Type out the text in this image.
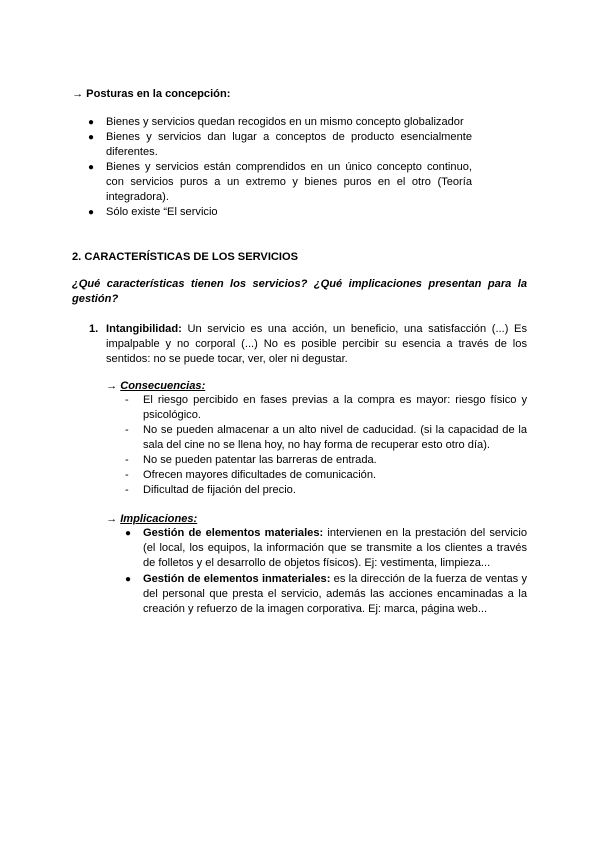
→ Posturas en la concepción:
● Bienes y servicios quedan recogidos en un mismo concepto globalizador
● Bienes y servicios dan lugar a conceptos de producto esencialmente diferentes.
● Bienes y servicios están comprendidos en un único concepto continuo, con servicios puros a un extremo y bienes puros en el otro (Teoría integradora).
● Sólo existe “El servicio
2. CARACTERÍSTICAS DE LOS SERVICIOS
¿Qué características tienen los servicios? ¿Qué implicaciones presentan para la gestión?
1. Intangibilidad: Un servicio es una acción, un beneficio, una satisfacción (...) Es impalpable y no corporal (...) No es posible percibir su esencia a través de los sentidos: no se puede tocar, ver, oler ni degustar.
→ Consecuencias:
- El riesgo percibido en fases previas a la compra es mayor: riesgo físico y psicológico.
- No se pueden almacenar a un alto nivel de caducidad. (si la capacidad de la sala del cine no se llena hoy, no hay forma de recuperar esto otro día).
- No se pueden patentar las barreras de entrada.
- Ofrecen mayores dificultades de comunicación.
- Dificultad de fijación del precio.
→ Implicaciones:
● Gestión de elementos materiales: intervienen en la prestación del servicio (el local, los equipos, la información que se transmite a los clientes a través de folletos y el desarrollo de objetos físicos). Ej: vestimenta, limpieza...
● Gestión de elementos inmateriales: es la dirección de la fuerza de ventas y del personal que presta el servicio, además las acciones encaminadas a la creación y refuerzo de la imagen corporativa. Ej: marca, página web...
